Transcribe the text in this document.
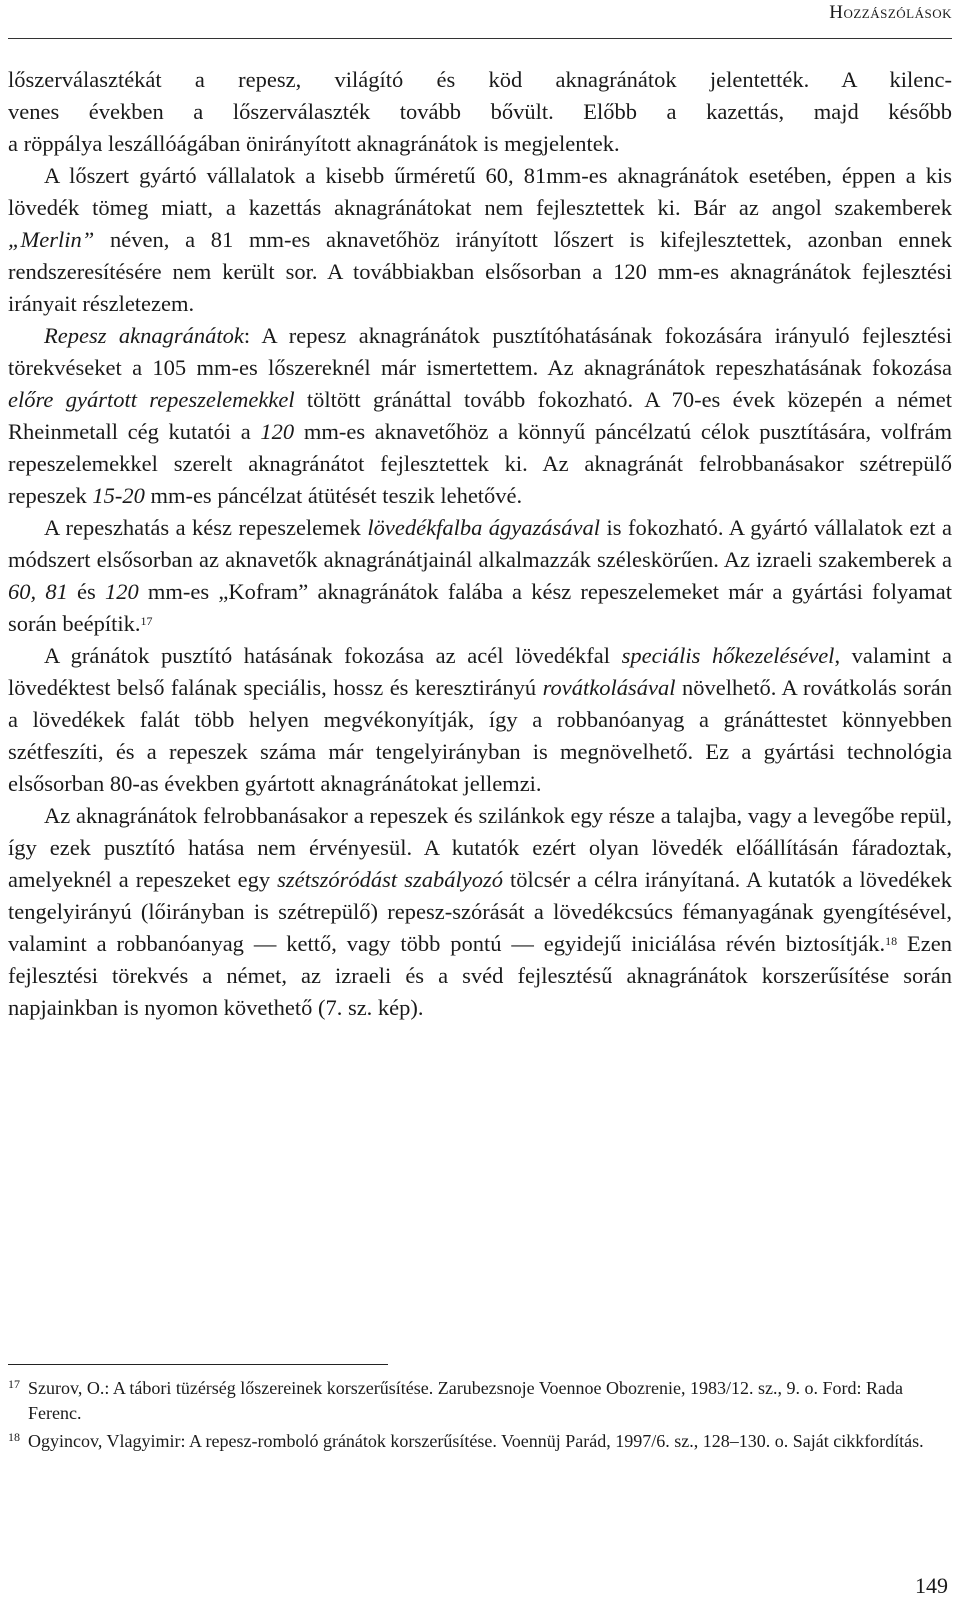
Hozzászólások
lőszerválasztékát a repesz, világító és köd aknagránátok jelentették. A kilenc-
venes években a lőszerválaszték tovább bővült. Előbb a kazettás, majd később
a röppálya leszállóágában önirányított aknagránátok is megjelentek.
A lőszert gyártó vállalatok a kisebb űrméretű 60, 81mm-es aknagránátok esetében, éppen a kis lövedék tömeg miatt, a kazettás aknagránátokat nem fejlesztettek ki. Bár az angol szakemberek „Merlin” néven, a 81 mm-es aknavetőhöz irányított lőszert is kifejlesztettek, azonban ennek rendszeresítésére nem került sor. A továbbiakban elsősorban a 120 mm-es aknagránátok fejlesztési irányait részletezem.
Repesz aknagránátok: A repesz aknagránátok pusztítóhatásának fokozására irányuló fejlesztési törekvéseket a 105 mm-es lőszereknél már ismertettem. Az aknagránátok repeszhatásának fokozása előre gyártott repeszelemekkel töltött gránáttal tovább fokozható. A 70-es évek közepén a német Rheinmetall cég kutatói a 120 mm-es aknavetőhöz a könnyű páncélzatú célok pusztítására, volfrám repeszelemekkel szerelt aknagránátot fejlesztettek ki. Az aknagránát felrobbanásakor szétrepülő repeszek 15-20 mm-es páncélzat átütését teszik lehetővé.
A repeszhatás a kész repeszelemek lövedékfalba ágyazásával is fokozható. A gyártó vállalatok ezt a módszert elsősorban az aknavetők aknagránátjainál alkalmazzák széleskörűen. Az izraeli szakemberek a 60, 81 és 120 mm-es „Kofram” aknagránátok falába a kész repeszelemeket már a gyártási folyamat során beépítik.$^{17}$
A gránátok pusztító hatásának fokozása az acél lövedékfal speciális hőkezelésével, valamint a lövedéktest belső falának speciális, hossz és keresztirányú rovátkolásával növelhető. A rovátkolás során a lövedékek falát több helyen megvékonyítják, így a robbanóanyag a gránáttestet könnyebben szétfeszíti, és a repeszek száma már tengelyirányban is megnövelhető. Ez a gyártási technológia elsősorban 80-as években gyártott aknagránátokat jellemzi.
Az aknagránátok felrobbanásakor a repeszek és szilánkok egy része a talajba, vagy a levegőbe repül, így ezek pusztító hatása nem érvényesül. A kutatók ezért olyan lövedék előállításán fáradoztak, amelyeknél a repeszeket egy szétszóródást szabályozó tölcsér a célra irányítaná. A kutatók a lövedékek tengelyirányú (lőirányban is szétrepülő) repesz-szórását a lövedékcsúcs fémanyagának gyengítésével, valamint a robbanóanyag — kettő, vagy több pontú — egyidejű iniciálása révén biztosítják.$^{18}$ Ezen fejlesztési törekvés a német, az izraeli és a svéd fejlesztésű aknagránátok korszerűsítése során napjainkban is nyomon követhető (7. sz. kép).
17 Szurov, O.: A tábori tüzérség lőszereinek korszerűsítése. Zarubezsnoje Voennoe Obozrenie, 1983/12. sz., 9. o. Ford: Rada Ferenc.
18 Ogyincov, Vlagyimir: A repesz-romboló gránátok korszerűsítése. Voennüj Parád, 1997/6. sz., 128–130. o. Saját cikkfordítás.
149
